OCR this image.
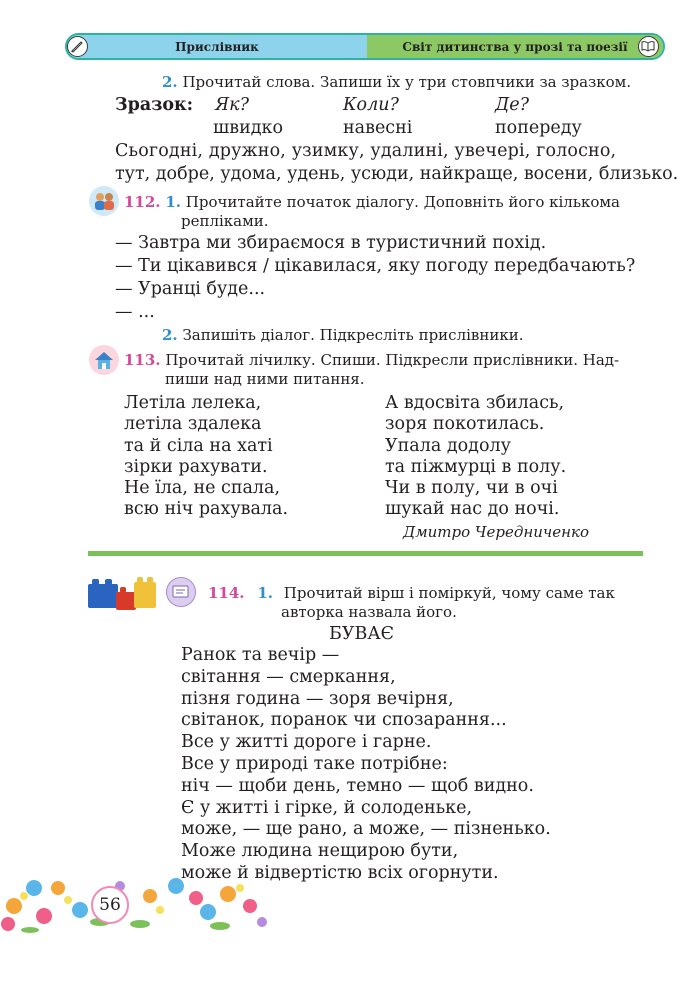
Прислівник	Світ дитинства у прозі та поезії
2. Прочитай слова. Запиши їх у три стовпчики за зразком.
Зразок: Як?	Коли?	Де?
швидко	навесні	попереду
Сьогодні, дружно, узимку, удалині, увечері, голосно,
тут, добре, удома, удень, усюди, найкраще, восени, близько.
112. 1. Прочитайте початок діалогу. Доповніть його кількома
репліками.
— Завтра ми збираємося в туристичний похід.
— Ти цікавився / цікавилася, яку погоду передбачають?
— Уранці буде...
— ...
2. Запишіть діалог. Підкресліть прислівники.
113. Прочитай лічилку. Спиши. Підкресли прислівники. Над-
пиши над ними питання.
Летіла лелека,
летіла здалека
та й сіла на хаті
зірки рахувати.
Не їла, не спала,
всю ніч рахувала.
А вдосвіта збилась,
зоря покотилась.
Упала додолу
та піжмурці в полу.
Чи в полу, чи в очі
шукай нас до ночі.
Дмитро Чередниченко
114. 1. Прочитай вірш і поміркуй, чому саме так
авторка назвала його.
БУВАЄ
Ранок та вечір —
світання — смеркання,
пізня година — зоря вечірня,
світанок, поранок чи спозарання...
Все у житті дороге і гарне.
Все у природі таке потрібне:
ніч — щоби день, темно — щоб видно.
Є у житті і гірке, й солоденьке,
може, — ще рано, а може, — пізненько.
Може людина нещирою бути,
може й відвертістю всіх огорнути.
56
